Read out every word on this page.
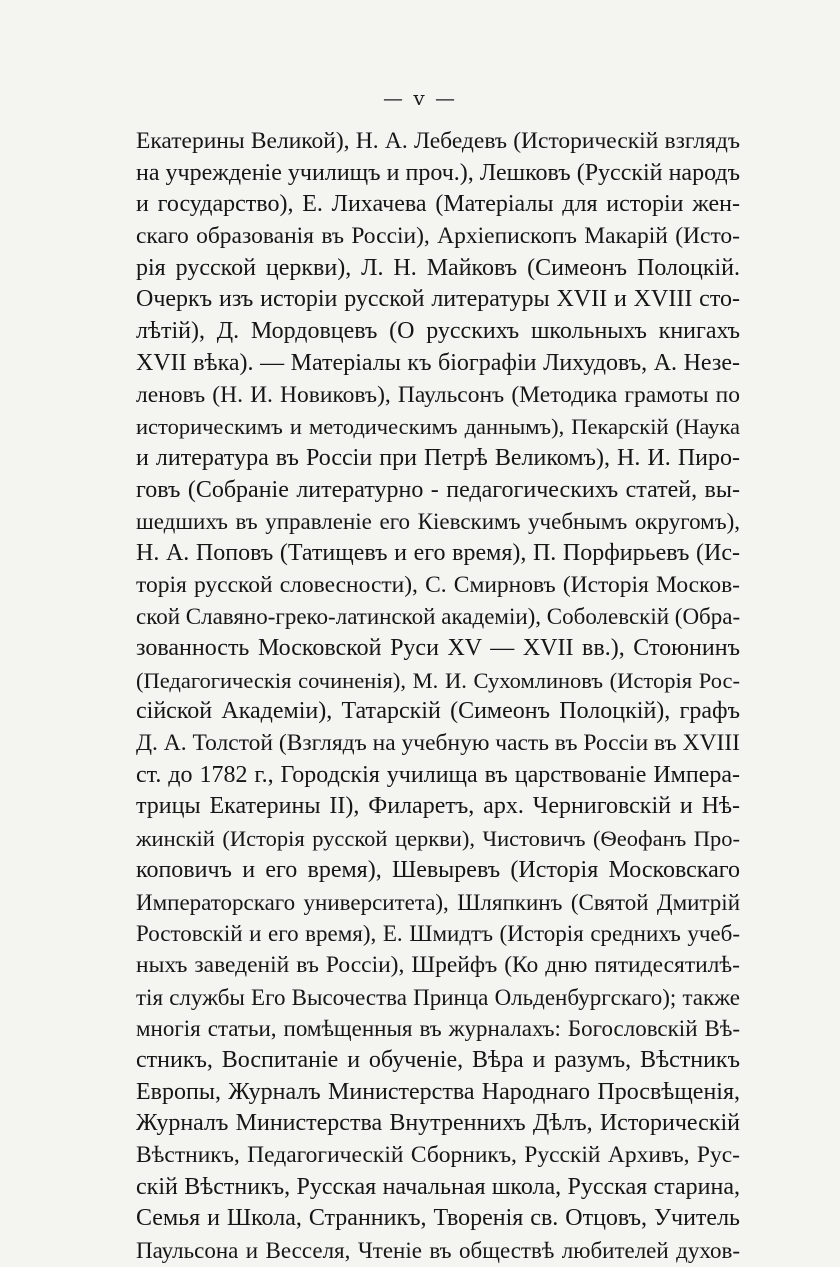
— v —
Екатерины Великой), Н. А. Лебедевъ (Историческій взглядъ
на учрежденіе училищъ и проч.), Лешковъ (Русскій народъ
и государство), Е. Лихачева (Матеріалы для исторіи жен-
скаго образованія въ Россіи), Архіепископъ Макарій (Исто-
рія русской церкви), Л. Н. Майковъ (Симеонъ Полоцкій.
Очеркъ изъ исторіи русской литературы XVII и XVIII сто-
лѣтій), Д. Мордовцевъ (О русскихъ школьныхъ книгахъ
XVII вѣка). — Матеріалы къ біографіи Лихудовъ, А. Незе-
леновъ (Н. И. Новиковъ), Паульсонъ (Методика грамоты по
историческимъ и методическимъ даннымъ), Пекарскій (Наука
и литература въ Россіи при Петрѣ Великомъ), Н. И. Пиро-
говъ (Собраніе литературно - педагогическихъ статей, вы-
шедшихъ въ управленіе его Кіевскимъ учебнымъ округомъ),
Н. А. Поповъ (Татищевъ и его время), П. Порфирьевъ (Ис-
торія русской словесности), С. Смирновъ (Исторія Москов-
ской Славяно-греко-латинской академіи), Соболевскій (Обра-
зованность Московской Руси XV — XVII вв.), Стоюнинъ
(Педагогическія сочиненія), М. И. Сухомлиновъ (Исторія Рос-
сійской Академіи), Татарскій (Симеонъ Полоцкій), графъ
Д. А. Толстой (Взглядъ на учебную часть въ Россіи въ XVIII
ст. до 1782 г., Городскія училища въ царствованіе Импера-
трицы Екатерины II), Филаретъ, арх. Черниговскій и Нѣ-
жинскій (Исторія русской церкви), Чистовичъ (Ѳеофанъ Про-
коповичъ и его время), Шевыревъ (Исторія Московскаго
Императорскаго университета), Шляпкинъ (Святой Дмитрій
Ростовскій и его время), Е. Шмидтъ (Исторія среднихъ учеб-
ныхъ заведеній въ Россіи), Шрейфъ (Ко дню пятидесятилѣ-
тія службы Его Высочества Принца Ольденбургскаго); также
многія статьи, помѣщенныя въ журналахъ: Богословскій Вѣ-
стникъ, Воспитаніе и обученіе, Вѣра и разумъ, Вѣстникъ
Европы, Журналъ Министерства Народнаго Просвѣщенія,
Журналъ Министерства Внутреннихъ Дѣлъ, Историческій
Вѣстникъ, Педагогическій Сборникъ, Русскій Архивъ, Рус-
скій Вѣстникъ, Русская начальная школа, Русская старина,
Семья и Школа, Странникъ, Творенія св. Отцовъ, Учитель
Паульсона и Весселя, Чтеніе въ обществѣ любителей духов-
